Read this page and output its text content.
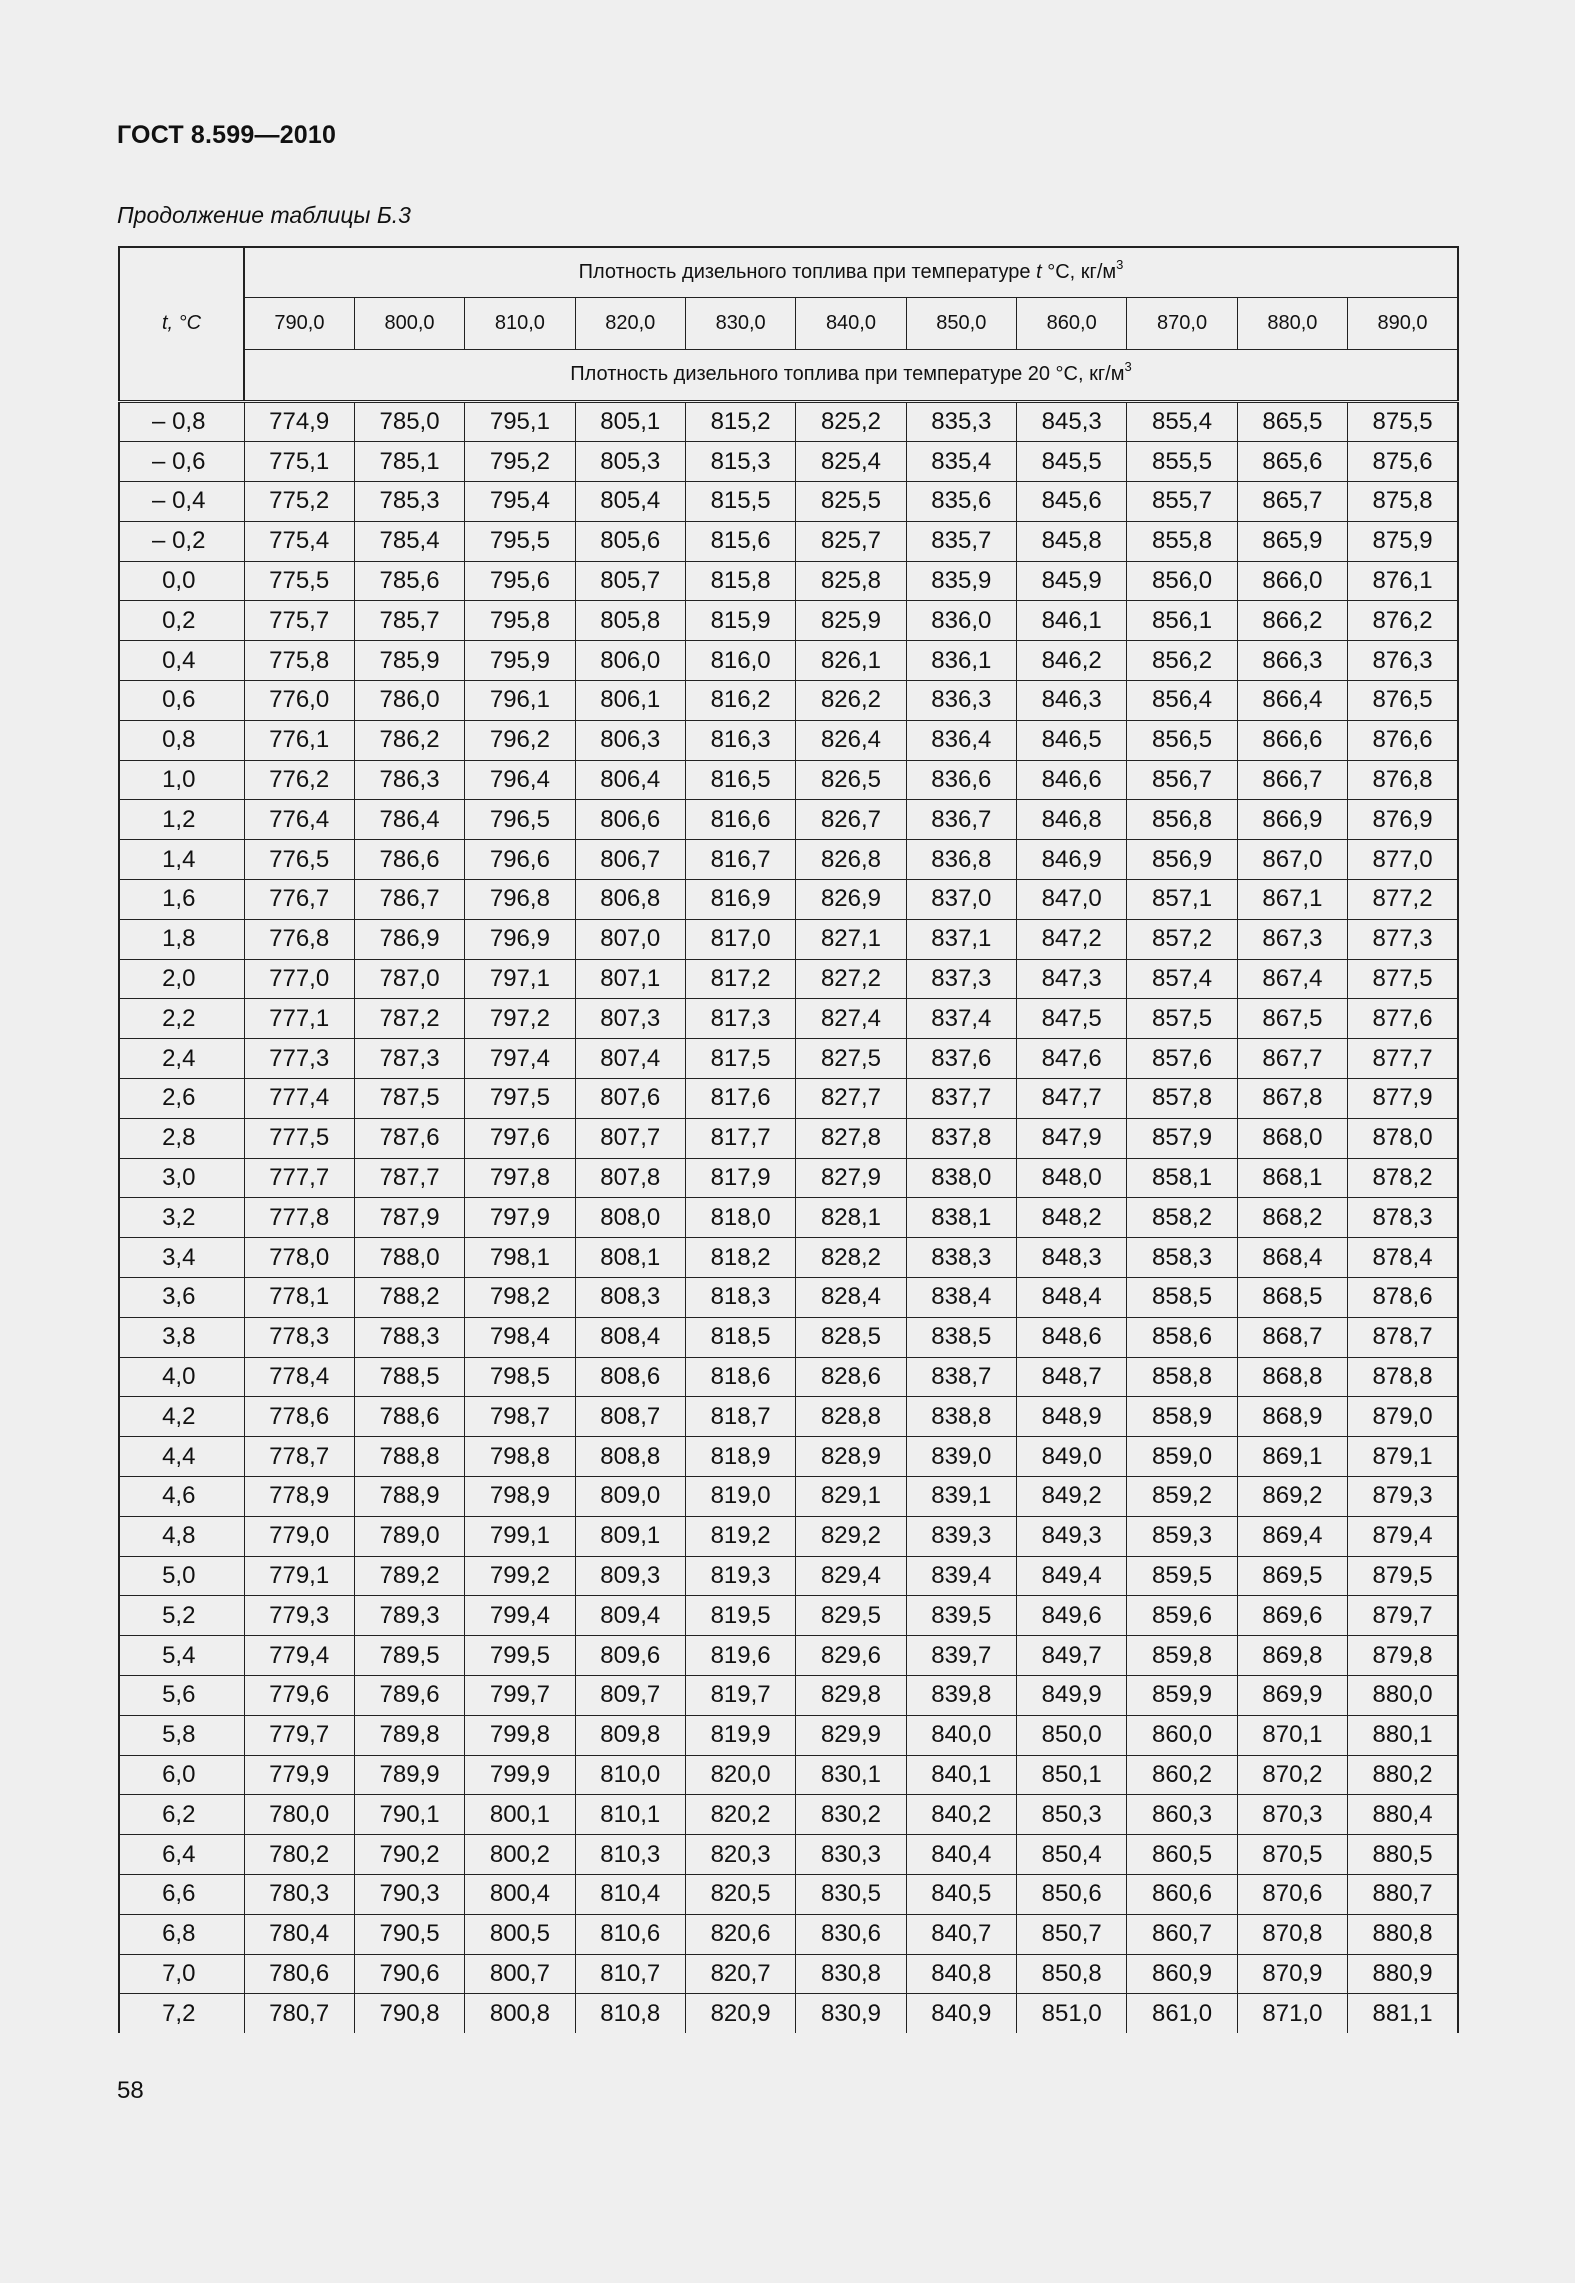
ГОСТ 8.599—2010
Продолжение таблицы Б.3
t, °С	Плотность дизельного топлива при температуре t °С, $кг/м^3$
	790,0	800,0	810,0	820,0	830,0	840,0	850,0	860,0	870,0	880,0	890,0
	Плотность дизельного топлива при температуре 20 °С, $кг/м^3$
– 0,8	774,9	785,0	795,1	805,1	815,2	825,2	835,3	845,3	855,4	865,5	875,5
– 0,6	775,1	785,1	795,2	805,3	815,3	825,4	835,4	845,5	855,5	865,6	875,6
– 0,4	775,2	785,3	795,4	805,4	815,5	825,5	835,6	845,6	855,7	865,7	875,8
– 0,2	775,4	785,4	795,5	805,6	815,6	825,7	835,7	845,8	855,8	865,9	875,9
0,0	775,5	785,6	795,6	805,7	815,8	825,8	835,9	845,9	856,0	866,0	876,1
0,2	775,7	785,7	795,8	805,8	815,9	825,9	836,0	846,1	856,1	866,2	876,2
0,4	775,8	785,9	795,9	806,0	816,0	826,1	836,1	846,2	856,2	866,3	876,3
0,6	776,0	786,0	796,1	806,1	816,2	826,2	836,3	846,3	856,4	866,4	876,5
0,8	776,1	786,2	796,2	806,3	816,3	826,4	836,4	846,5	856,5	866,6	876,6
1,0	776,2	786,3	796,4	806,4	816,5	826,5	836,6	846,6	856,7	866,7	876,8
1,2	776,4	786,4	796,5	806,6	816,6	826,7	836,7	846,8	856,8	866,9	876,9
1,4	776,5	786,6	796,6	806,7	816,7	826,8	836,8	846,9	856,9	867,0	877,0
1,6	776,7	786,7	796,8	806,8	816,9	826,9	837,0	847,0	857,1	867,1	877,2
1,8	776,8	786,9	796,9	807,0	817,0	827,1	837,1	847,2	857,2	867,3	877,3
2,0	777,0	787,0	797,1	807,1	817,2	827,2	837,3	847,3	857,4	867,4	877,5
2,2	777,1	787,2	797,2	807,3	817,3	827,4	837,4	847,5	857,5	867,5	877,6
2,4	777,3	787,3	797,4	807,4	817,5	827,5	837,6	847,6	857,6	867,7	877,7
2,6	777,4	787,5	797,5	807,6	817,6	827,7	837,7	847,7	857,8	867,8	877,9
2,8	777,5	787,6	797,6	807,7	817,7	827,8	837,8	847,9	857,9	868,0	878,0
3,0	777,7	787,7	797,8	807,8	817,9	827,9	838,0	848,0	858,1	868,1	878,2
3,2	777,8	787,9	797,9	808,0	818,0	828,1	838,1	848,2	858,2	868,2	878,3
3,4	778,0	788,0	798,1	808,1	818,2	828,2	838,3	848,3	858,3	868,4	878,4
3,6	778,1	788,2	798,2	808,3	818,3	828,4	838,4	848,4	858,5	868,5	878,6
3,8	778,3	788,3	798,4	808,4	818,5	828,5	838,5	848,6	858,6	868,7	878,7
4,0	778,4	788,5	798,5	808,6	818,6	828,6	838,7	848,7	858,8	868,8	878,8
4,2	778,6	788,6	798,7	808,7	818,7	828,8	838,8	848,9	858,9	868,9	879,0
4,4	778,7	788,8	798,8	808,8	818,9	828,9	839,0	849,0	859,0	869,1	879,1
4,6	778,9	788,9	798,9	809,0	819,0	829,1	839,1	849,2	859,2	869,2	879,3
4,8	779,0	789,0	799,1	809,1	819,2	829,2	839,3	849,3	859,3	869,4	879,4
5,0	779,1	789,2	799,2	809,3	819,3	829,4	839,4	849,4	859,5	869,5	879,5
5,2	779,3	789,3	799,4	809,4	819,5	829,5	839,5	849,6	859,6	869,6	879,7
5,4	779,4	789,5	799,5	809,6	819,6	829,6	839,7	849,7	859,8	869,8	879,8
5,6	779,6	789,6	799,7	809,7	819,7	829,8	839,8	849,9	859,9	869,9	880,0
5,8	779,7	789,8	799,8	809,8	819,9	829,9	840,0	850,0	860,0	870,1	880,1
6,0	779,9	789,9	799,9	810,0	820,0	830,1	840,1	850,1	860,2	870,2	880,2
6,2	780,0	790,1	800,1	810,1	820,2	830,2	840,2	850,3	860,3	870,3	880,4
6,4	780,2	790,2	800,2	810,3	820,3	830,3	840,4	850,4	860,5	870,5	880,5
6,6	780,3	790,3	800,4	810,4	820,5	830,5	840,5	850,6	860,6	870,6	880,7
6,8	780,4	790,5	800,5	810,6	820,6	830,6	840,7	850,7	860,7	870,8	880,8
7,0	780,6	790,6	800,7	810,7	820,7	830,8	840,8	850,8	860,9	870,9	880,9
7,2	780,7	790,8	800,8	810,8	820,9	830,9	840,9	851,0	861,0	871,0	881,1
58
